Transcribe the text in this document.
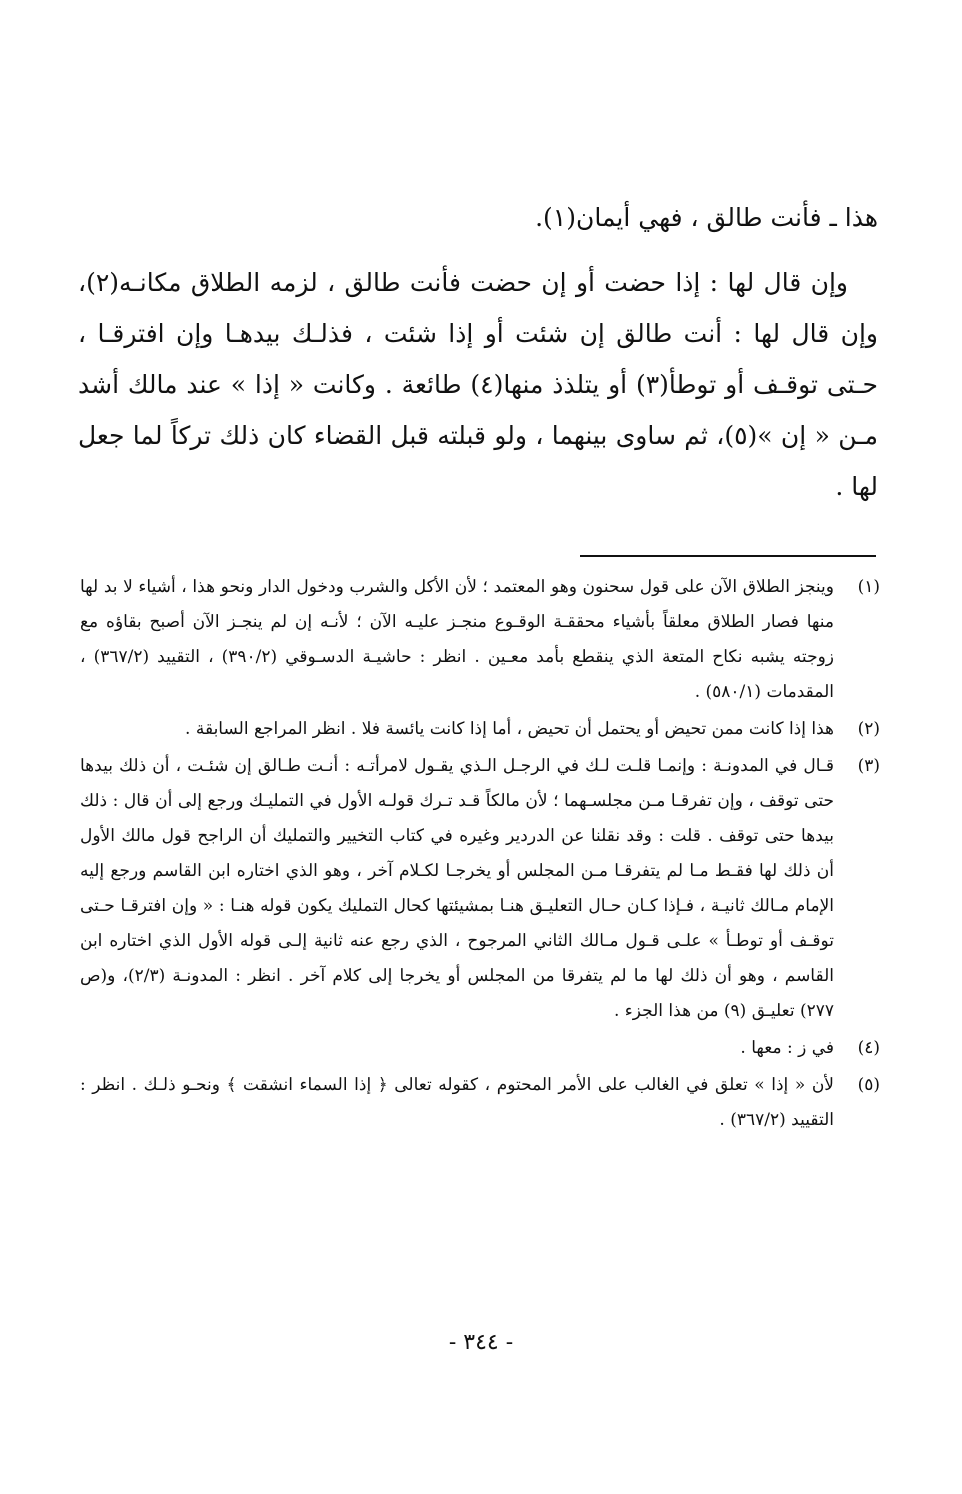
هذا ـ فأنت طالق ، فهي أيمان(١).

وإن قال لها : إذا حضت أو إن حضت فأنت طالق ، لزمه الطلاق مكانـه(٢)، وإن قال لها : أنت طالق إن شئت أو إذا شئت ، فذلـك بيدهـا وإن افترقـا ، حـتى توقـف أو توطأ(٣) أو يتلذذ منها(٤) طائعة . وكانت « إذا » عند مالك أشد مـن « إن »(٥)، ثم ساوى بينهما ، ولو قبلته قبل القضاء كان ذلك تركاً لما جعل لها .

(١)
وينجز الطلاق الآن على قول سحنون وهو المعتمد ؛ لأن الأكل والشرب ودخول الدار ونحو هذا ، أشياء لا بد لها منها فصار الطلاق معلقاً بأشياء محققـة الوقـوع منجـز عليـه الآن ؛ لأنـه إن لم ينجـز الآن أصبح بقاؤه مع زوجته يشبه نكاح المتعة الذي ينقطع بأمد معـين . انظر : حاشيـة الدسـوقي (٣٩٠/٢) ، التقييد (٣٦٧/٢) ، المقدمات (٥٨٠/١) .
(٢)
هذا إذا كانت ممن تحيض أو يحتمل أن تحيض ، أما إذا كانت يائسة فلا . انظر المراجع السابقة .
(٣)
قـال في المدونـة : وإنمـا قلـت لـك في الرجـل الـذي يقـول لامرأتـه : أنـت طـالق إن شئـت ، أن ذلك بيدها حتى توقف ، وإن تفرقـا مـن مجلسـهما ؛ لأن مالكاً قـد تـرك قولـه الأول في التمليـك ورجع إلى أن قال : ذلك بيدها حتى توقف . قلت : وقد نقلنا عن الدردير وغيره في كتاب التخيير والتمليك أن الراجح قول مالك الأول أن ذلك لها فقـط مـا لم يتفرقـا مـن المجلس أو يخرجـا لكـلام آخر ، وهو الذي اختاره ابن القاسم ورجع إليه الإمام مـالك ثانيـة ، فـإذا كـان حـال التعليـق هنـا بمشيئتها كحال التمليك يكون قوله هنـا : « وإن افترقـا حـتى توقـف أو توطـأ » علـى قـول مـالك الثاني المرجوح ، الذي رجع عنه ثانية إلـى قوله الأول الذي اختاره ابن القاسم ، وهو أن ذلك لها ما لم يتفرقا من المجلس أو يخرجا إلى كلام آخر . انظر : المدونـة (٢/٣)، و(ص ٢٧٧) تعليـق (٩) من هذا الجزء .
(٤)
في ز : معها .
(٥)
لأن « إذا » تعلق في الغالب على الأمر المحتوم ، كقوله تعالى ﴿ إذا السماء انشقت ﴾ ونحـو ذلـك . انظر : التقييد (٣٦٧/٢) .
- ٣٤٤ -
